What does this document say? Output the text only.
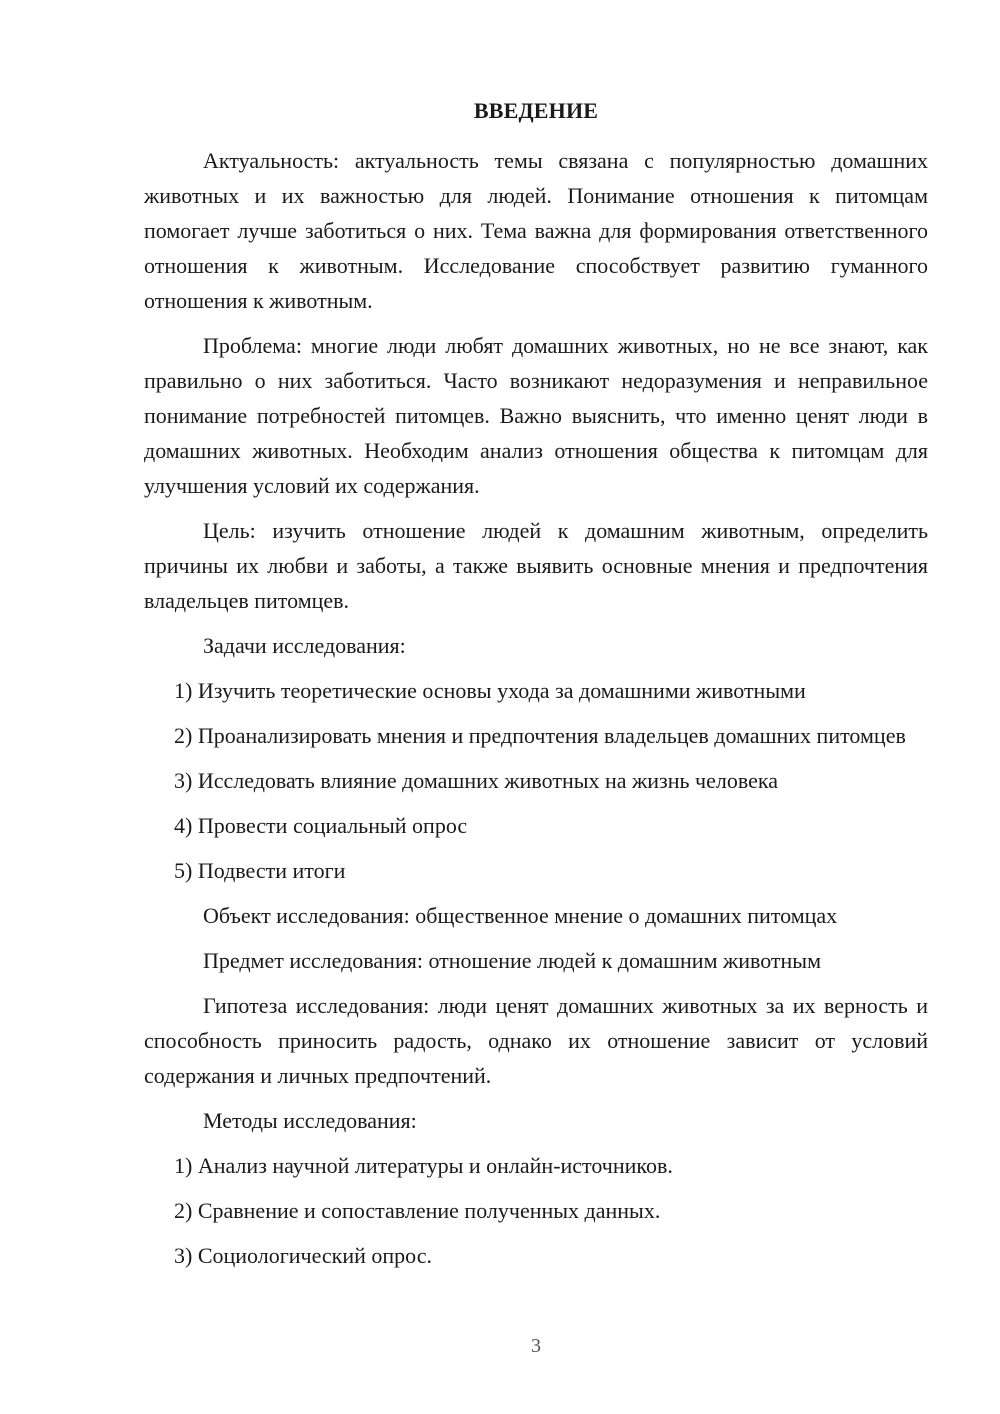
ВВЕДЕНИЕ

Актуальность: актуальность темы связана с популярностью домашних животных и их важностью для людей. Понимание отношения к питомцам помогает лучше заботиться о них. Тема важна для формирования ответственного отношения к животным. Исследование способствует развитию гуманного отношения к животным.

Проблема: многие люди любят домашних животных, но не все знают, как правильно о них заботиться. Часто возникают недоразумения и неправильное понимание потребностей питомцев. Важно выяснить, что именно ценят люди в домашних животных. Необходим анализ отношения общества к питомцам для улучшения условий их содержания.

Цель: изучить отношение людей к домашним животным, определить причины их любви и заботы, а также выявить основные мнения и предпочтения владельцев питомцев.

Задачи исследования:

1) Изучить теоретические основы ухода за домашними животными

2) Проанализировать мнения и предпочтения владельцев домашних питомцев

3) Исследовать влияние домашних животных на жизнь человека

4) Провести социальный опрос

5) Подвести итоги

Объект исследования: общественное мнение о домашних питомцах

Предмет исследования: отношение людей к домашним животным

Гипотеза исследования: люди ценят домашних животных за их верность и способность приносить радость, однако их отношение зависит от условий содержания и личных предпочтений.

Методы исследования:

1) Анализ научной литературы и онлайн-источников.

2) Сравнение и сопоставление полученных данных.

3) Социологический опрос.

3
